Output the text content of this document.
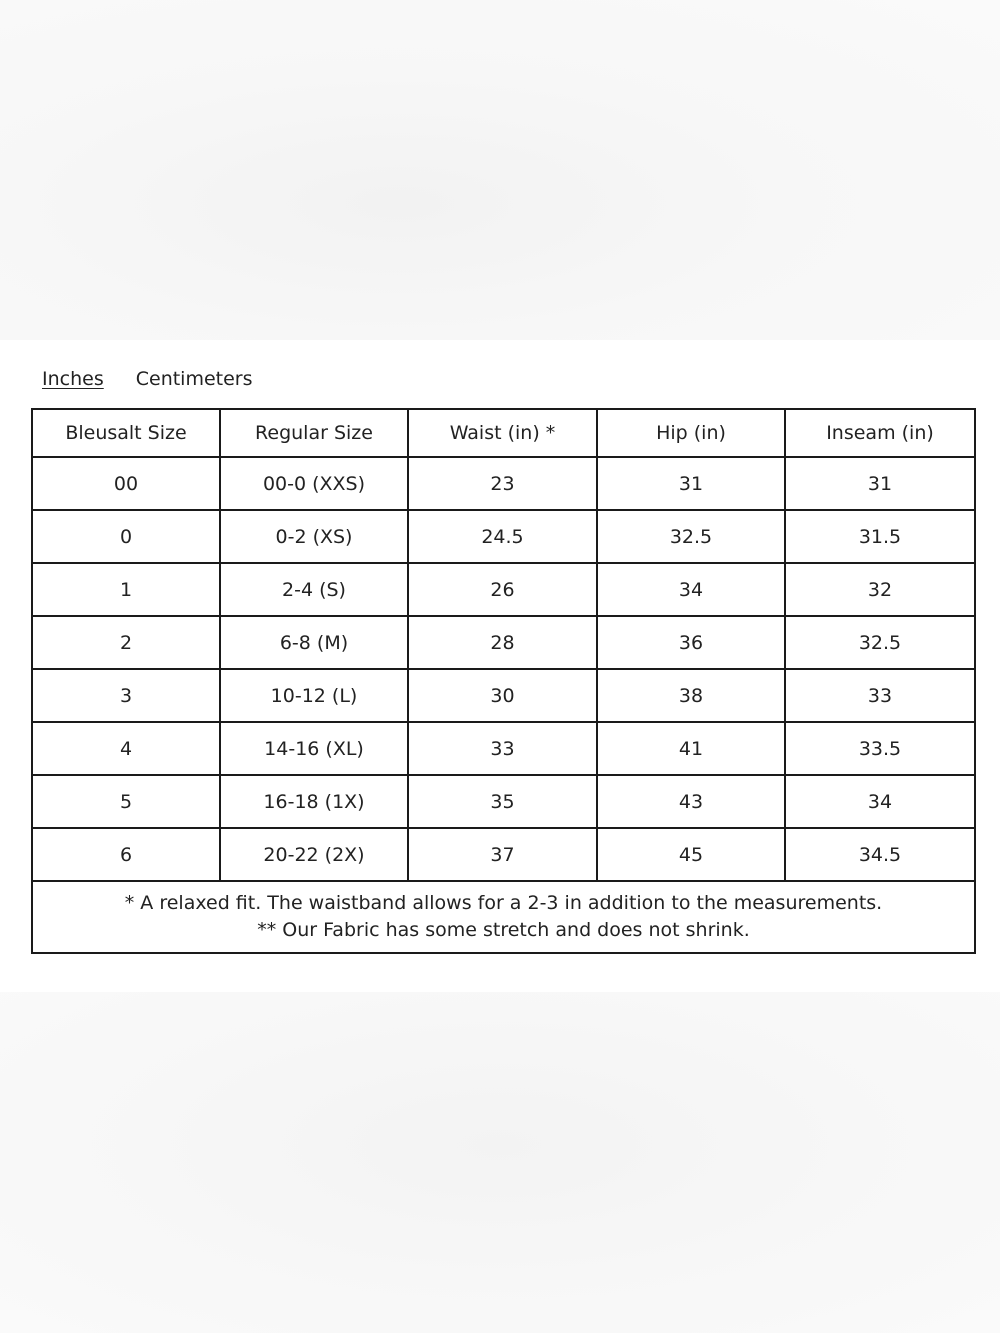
Inches Centimeters
Bleusalt Size	Regular Size	Waist (in) *	Hip (in)	Inseam (in)
00	00-0 (XXS)	23	31	31
0	0-2 (XS)	24.5	32.5	31.5
1	2-4 (S)	26	34	32
2	6-8 (M)	28	36	32.5
3	10-12 (L)	30	38	33
4	14-16 (XL)	33	41	33.5
5	16-18 (1X)	35	43	34
6	20-22 (2X)	37	45	34.5

* A relaxed fit. The waistband allows for a 2-3 in addition to the measurements.
** Our Fabric has some stretch and does not shrink.				
